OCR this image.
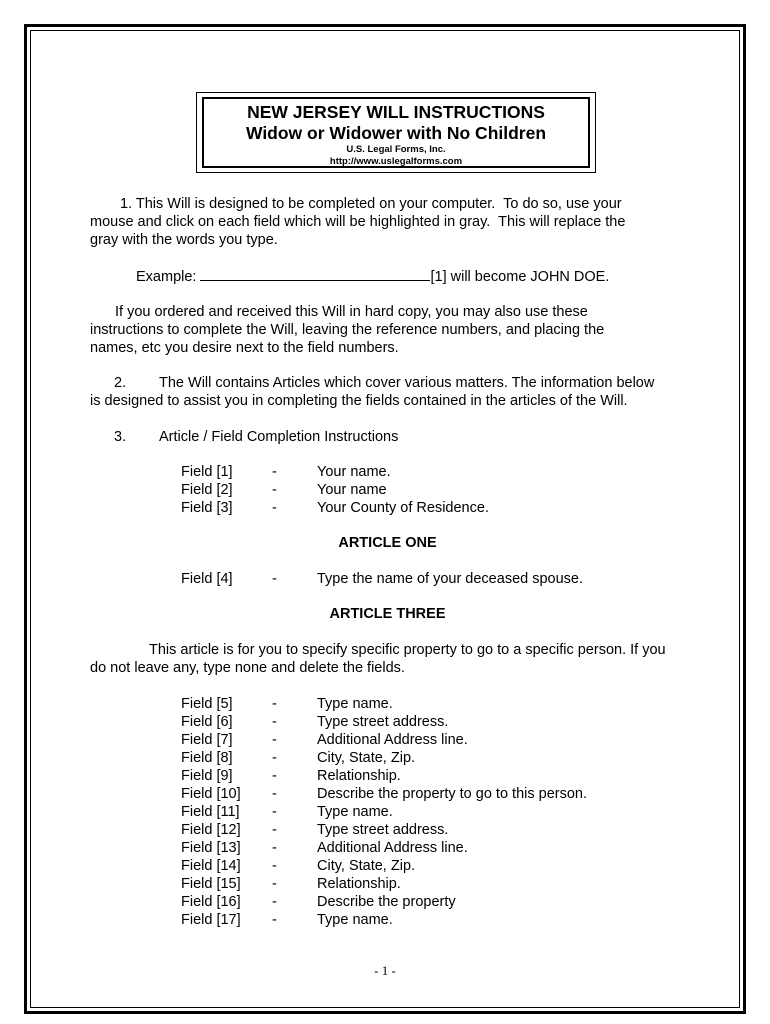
NEW JERSEY WILL INSTRUCTIONS
Widow or Widower with No Children
U.S. Legal Forms, Inc.
http://www.uslegalforms.com
1. This Will is designed to be completed on your computer.  To do so, use your
mouse and click on each field which will be highlighted in gray.  This will replace the
gray with the words you type.
Example:	[1] will become JOHN DOE.
If you ordered and received this Will in hard copy, you may also use these
instructions to complete the Will, leaving the reference numbers, and placing the
names, etc you desire next to the field numbers.
2. The Will contains Articles which cover various matters. The information below
is designed to assist you in completing the fields contained in the articles of the Will.
3. Article / Field Completion Instructions
Field [1]	-	Your name.
Field [2]	-	Your name
Field [3]	-	Your County of Residence.
ARTICLE ONE
Field [4]	-	Type the name of your deceased spouse.
ARTICLE THREE
This article is for you to specify specific property to go to a specific person. If you
do not leave any, type none and delete the fields.
Field [5]	-	Type name.
Field [6]	-	Type street address.
Field [7]	-	Additional Address line.
Field [8]	-	City, State, Zip.
Field [9]	-	Relationship.
Field [10] -	Describe the property to go to this person.
Field [11] -	Type name.
Field [12] -	Type street address.
Field [13] -	Additional Address line.
Field [14] -	City, State, Zip.
Field [15] -	Relationship.
Field [16] -	Describe the property
Field [17] -	Type name.
- 1 -
